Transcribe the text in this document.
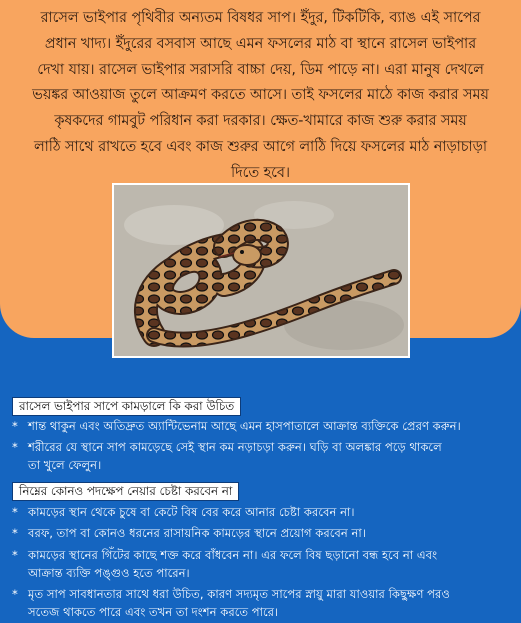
রাসেল ভাইপার পৃথিবীর অন্যতম বিষধর সাপ। ইঁদুর, টিকটিকি, ব্যাঙ এই সাপের
প্রধান খাদ্য। ইঁদুরের বসবাস আছে এমন ফসলের মাঠ বা স্থানে রাসেল ভাইপার
দেখা যায়। রাসেল ভাইপার সরাসরি বাচ্চা দেয়, ডিম পাড়ে না। এরা মানুষ দেখলে
ভয়ঙ্কর আওয়াজ তুলে আক্রমণ করতে আসে। তাই ফসলের মাঠে কাজ করার সময়
কৃষকদের গামবুট পরিধান করা দরকার। ক্ষেত-খামারে কাজ শুরু করার সময়
লাঠি সাথে রাখতে হবে এবং কাজ শুরুর আগে লাঠি দিয়ে ফসলের মাঠ নাড়াচাড়া
দিতে হবে।
রাসেল ভাইপার সাপে কামড়ালে কি করা উচিত
* শান্ত থাকুন এবং অতিদ্রুত অ্যান্টিভেনাম আছে এমন হাসপাতালে আক্রান্ত ব্যক্তিকে প্রেরণ করুন।
* শরীরের যে স্থানে সাপ কামড়েছে সেই স্থান কম নড়াচড়া করুন। ঘড়ি বা অলঙ্কার পড়ে থাকলে
তা খুলে ফেলুন।
নিম্নের কোনও পদক্ষেপ নেয়ার চেষ্টা করবেন না
* কামড়ের স্থান থেকে চুষে বা কেটে বিষ বের করে আনার চেষ্টা করবেন না।
* বরফ, তাপ বা কোনও ধরনের রাসায়নিক কামড়ের স্থানে প্রয়োগ করবেন না।
* কামড়ের স্থানের গিঁটের কাছে শক্ত করে বাঁধবেন না। এর ফলে বিষ ছড়ানো বন্ধ হবে না এবং
আক্রান্ত ব্যক্তি পঙ্গুও হতে পারেন।
* মৃত সাপ সাবধানতার সাথে ধরা উচিত, কারণ সদ্যমৃত সাপের স্নায়ু মারা যাওয়ার কিছুক্ষণ পরও
সতেজ থাকতে পারে এবং তখন তা দংশন করতে পারে।
